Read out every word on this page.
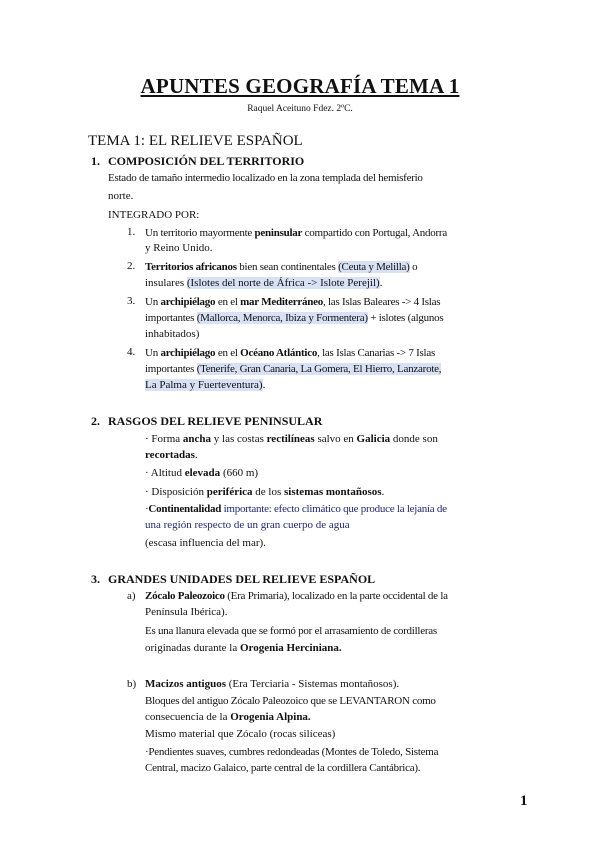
APUNTES GEOGRAFÍA TEMA 1
Raquel Aceituno Fdez. 2ºC.
TEMA 1: EL RELIEVE ESPAÑOL
1. COMPOSICIÓN DEL TERRITORIO
Estado de tamaño intermedio localizado en la zona templada del hemisferio
norte.
INTEGRADO POR:
1. Un territorio mayormente peninsular compartido con Portugal, Andorra
y Reino Unido.
2. Territorios africanos bien sean continentales (Ceuta y Melilla) o
insulares (Islotes del norte de África -> Islote Perejil).
3. Un archipiélago en el mar Mediterráneo, las Islas Baleares -> 4 Islas
importantes (Mallorca, Menorca, Ibiza y Formentera) + islotes (algunos
inhabitados)
4. Un archipiélago en el Océano Atlántico, las Islas Canarias -> 7 Islas
importantes (Tenerife, Gran Canaria, La Gomera, El Hierro, Lanzarote,
La Palma y Fuerteventura).
2. RASGOS DEL RELIEVE PENINSULAR
· Forma ancha y las costas rectilíneas salvo en Galicia donde son
recortadas.
· Altitud elevada (660 m)
· Disposición periférica de los sistemas montañosos.
·Continentalidad importante: efecto climático que produce la lejanía de
una región respecto de un gran cuerpo de agua
(escasa influencia del mar).
3. GRANDES UNIDADES DEL RELIEVE ESPAÑOL
a) Zócalo Paleozoico (Era Primaria), localizado en la parte occidental de la
Península Ibérica).
Es una llanura elevada que se formó por el arrasamiento de cordilleras
originadas durante la Orogenia Herciniana.
b) Macizos antiguos (Era Terciaria - Sistemas montañosos).
Bloques del antiguo Zócalo Paleozoico que se LEVANTARON como
consecuencia de la Orogenia Alpina.
Mismo material que Zócalo (rocas silíceas)
·Pendientes suaves, cumbres redondeadas (Montes de Toledo, Sistema
Central, macizo Galaico, parte central de la cordillera Cantábrica).
1
